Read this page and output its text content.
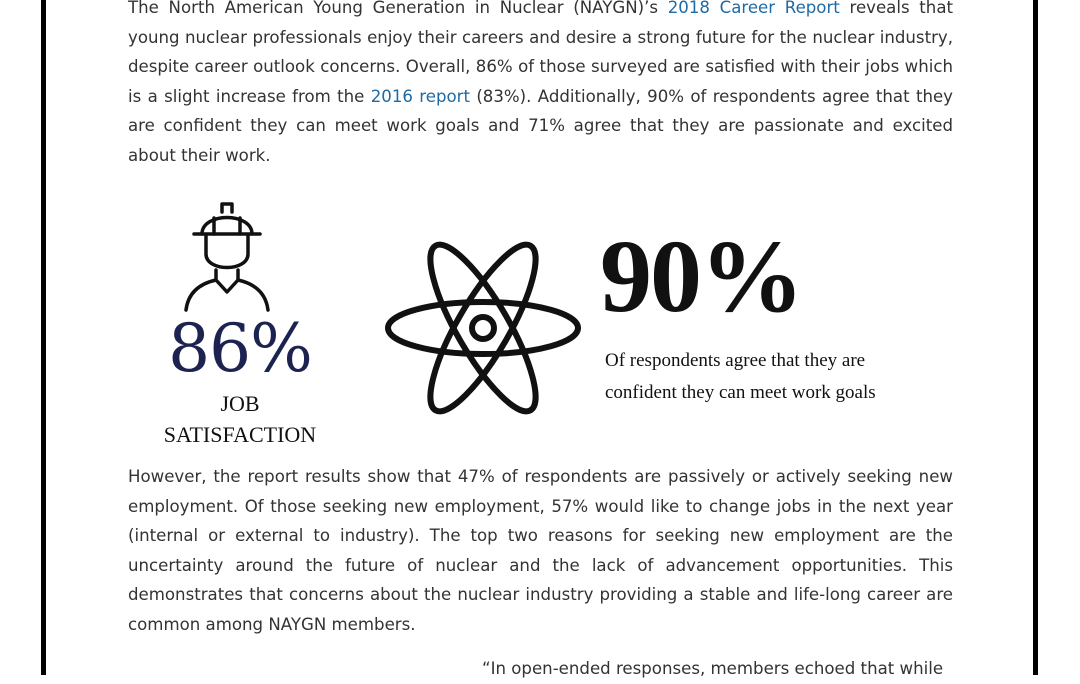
The North American Young Generation in Nuclear (NAYGN)’s 2018 Career Report reveals that young nuclear professionals enjoy their careers and desire a strong future for the nuclear industry, despite career outlook concerns. Overall, 86% of those surveyed are satisfied with their jobs which is a slight increase from the 2016 report (83%). Additionally, 90% of respondents agree that they are confident they can meet work goals and 71% agree that they are passionate and excited about their work.
86%
JOB
SATISFACTION
90%
Of respondents agree that they are
confident they can meet work goals
However, the report results show that 47% of respondents are passively or actively seeking new employment. Of those seeking new employment, 57% would like to change jobs in the next year (internal or external to industry). The top two reasons for seeking new employment are the uncertainty around the future of nuclear and the lack of advancement opportunities. This demonstrates that concerns about the nuclear industry providing a stable and life-long career are common among NAYGN members.
“In open-ended responses, members echoed that while
